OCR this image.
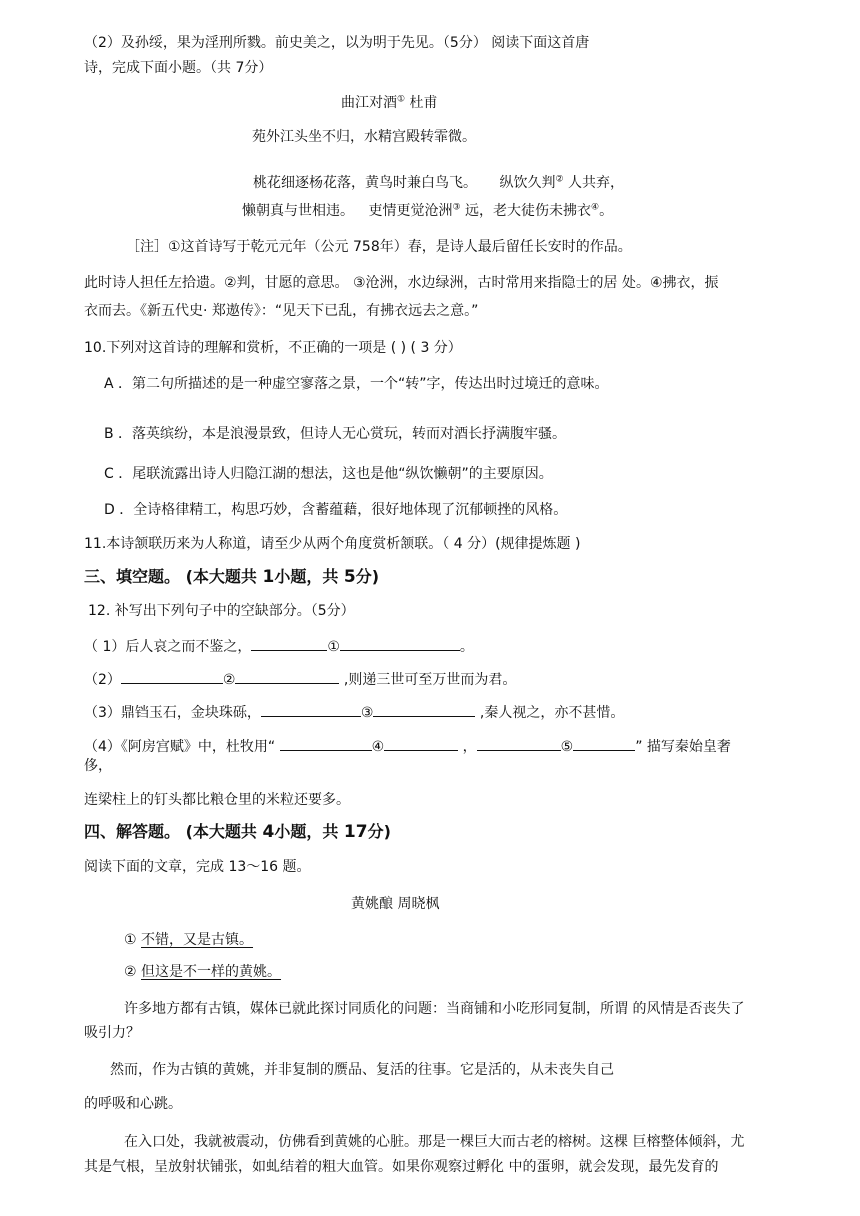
（2）及孙绥，果为淫刑所戮。前史美之，以为明于先见。（5分） 阅读下面这首唐
诗，完成下面小题。（共 7分）
曲江对酒① 杜甫
苑外江头坐不归，水精宫殿转霏微。
桃花细逐杨花落，黄鸟时兼白鸟飞。 纵饮久判② 人共弃，
懒朝真与世相违。 吏情更觉沧洲③ 远，老大徒伤未拂衣④。
［注］①这首诗写于乾元元年（公元 758年）春，是诗人最后留任长安时的作品。
此时诗人担任左拾遗。②判，甘愿的意思。 ③沧洲，水边绿洲，古时常用来指隐士的居 处。④拂衣，振
衣而去。《新五代史· 郑遨传》：“见天下已乱，有拂衣远去之意。”
10.下列对这首诗的理解和赏析，不正确的一项是 ( ) ( 3 分）
A ．第二句所描述的是一种虚空寥落之景，一个“转”字，传达出时过境迁的意味。
B ．落英缤纷，本是浪漫景致，但诗人无心赏玩，转而对酒长抒满腹牢骚。
C ．尾联流露出诗人归隐江湖的想法，这也是他“纵饮懒朝”的主要原因。
D ．全诗格律精工，构思巧妙，含蓄蕴藉，很好地体现了沉郁顿挫的风格。
11.本诗颔联历来为人称道，请至少从两个角度赏析颔联。（ 4 分）(规律提炼题 )
三、填空题。 (本大题共 1小题，共 5分)
12. 补写出下列句子中的空缺部分。（5分）
（ 1）后人哀之而不鉴之，	①	。
（2）	②	,则递三世可至万世而为君。
（3）鼎铛玉石，金块珠砾，	③	,秦人视之，亦不甚惜。
（4）《阿房宫赋》中，杜牧用“	④	，	⑤	” 描写秦始皇奢
侈，
连梁柱上的钉头都比粮仓里的米粒还要多。
四、解答题。 (本大题共 4小题，共 17分)
阅读下面的文章，完成 13～16 题。
黄姚酿 周晓枫
① 不错，又是古镇。
② 但这是不一样的黄姚。
许多地方都有古镇，媒体已就此探讨同质化的问题：当商铺和小吃形同复制，所谓 的风情是否丧失了
吸引力？
然而，作为古镇的黄姚，并非复制的赝品、复活的往事。它是活的，从未丧失自己
的呼吸和心跳。
在入口处，我就被震动，仿佛看到黄姚的心脏。那是一棵巨大而古老的榕树。这棵 巨榕整体倾斜，尤
其是气根，呈放射状铺张，如虬结着的粗大血管。如果你观察过孵化 中的蛋卵，就会发现，最先发育的
